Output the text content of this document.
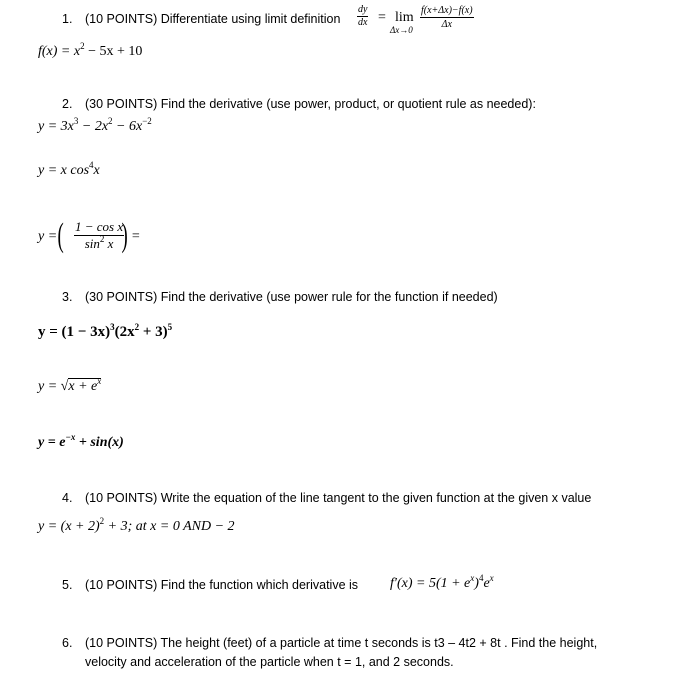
1. (10 POINTS) Differentiate using limit definition $\frac{dy}{dx} = \lim$
$\Delta x\to 0 \frac{f(x+\Delta x)-f(x)}{\Delta x}$
$f(x) = x^2 - 5x + 10$
2. (30 POINTS) Find the derivative (use power, product, or quotient rule as needed):
$y = 3x^3 - 2x^2 - 6x^{-2}$
y = x $\cos^4x$
y = ( $\frac{\text{1 − cos x}}{\sin^2 x}$
) =
3. (30 POINTS) Find the derivative (use power rule for the function if needed)
$y = (1 - 3x)^3(2x^2 + 3)^5$
$y = √x + e^x$
$y = e^{-x} + \sin(x)$
4. (10 POINTS) Write the equation of the line tangent to the given function at the given x value
$y = (x + 2)^2 + 3$; at x = 0 AND − 2
5. (10 POINTS) Find the function which derivative is $f'(x) = 5(1 + e^x)^4e^x$
6. (10 POINTS) The height (feet) of a particle at time t seconds is t3 – 4t2 + 8t . Find the height,
velocity and acceleration of the particle when t = 1, and 2 seconds.
